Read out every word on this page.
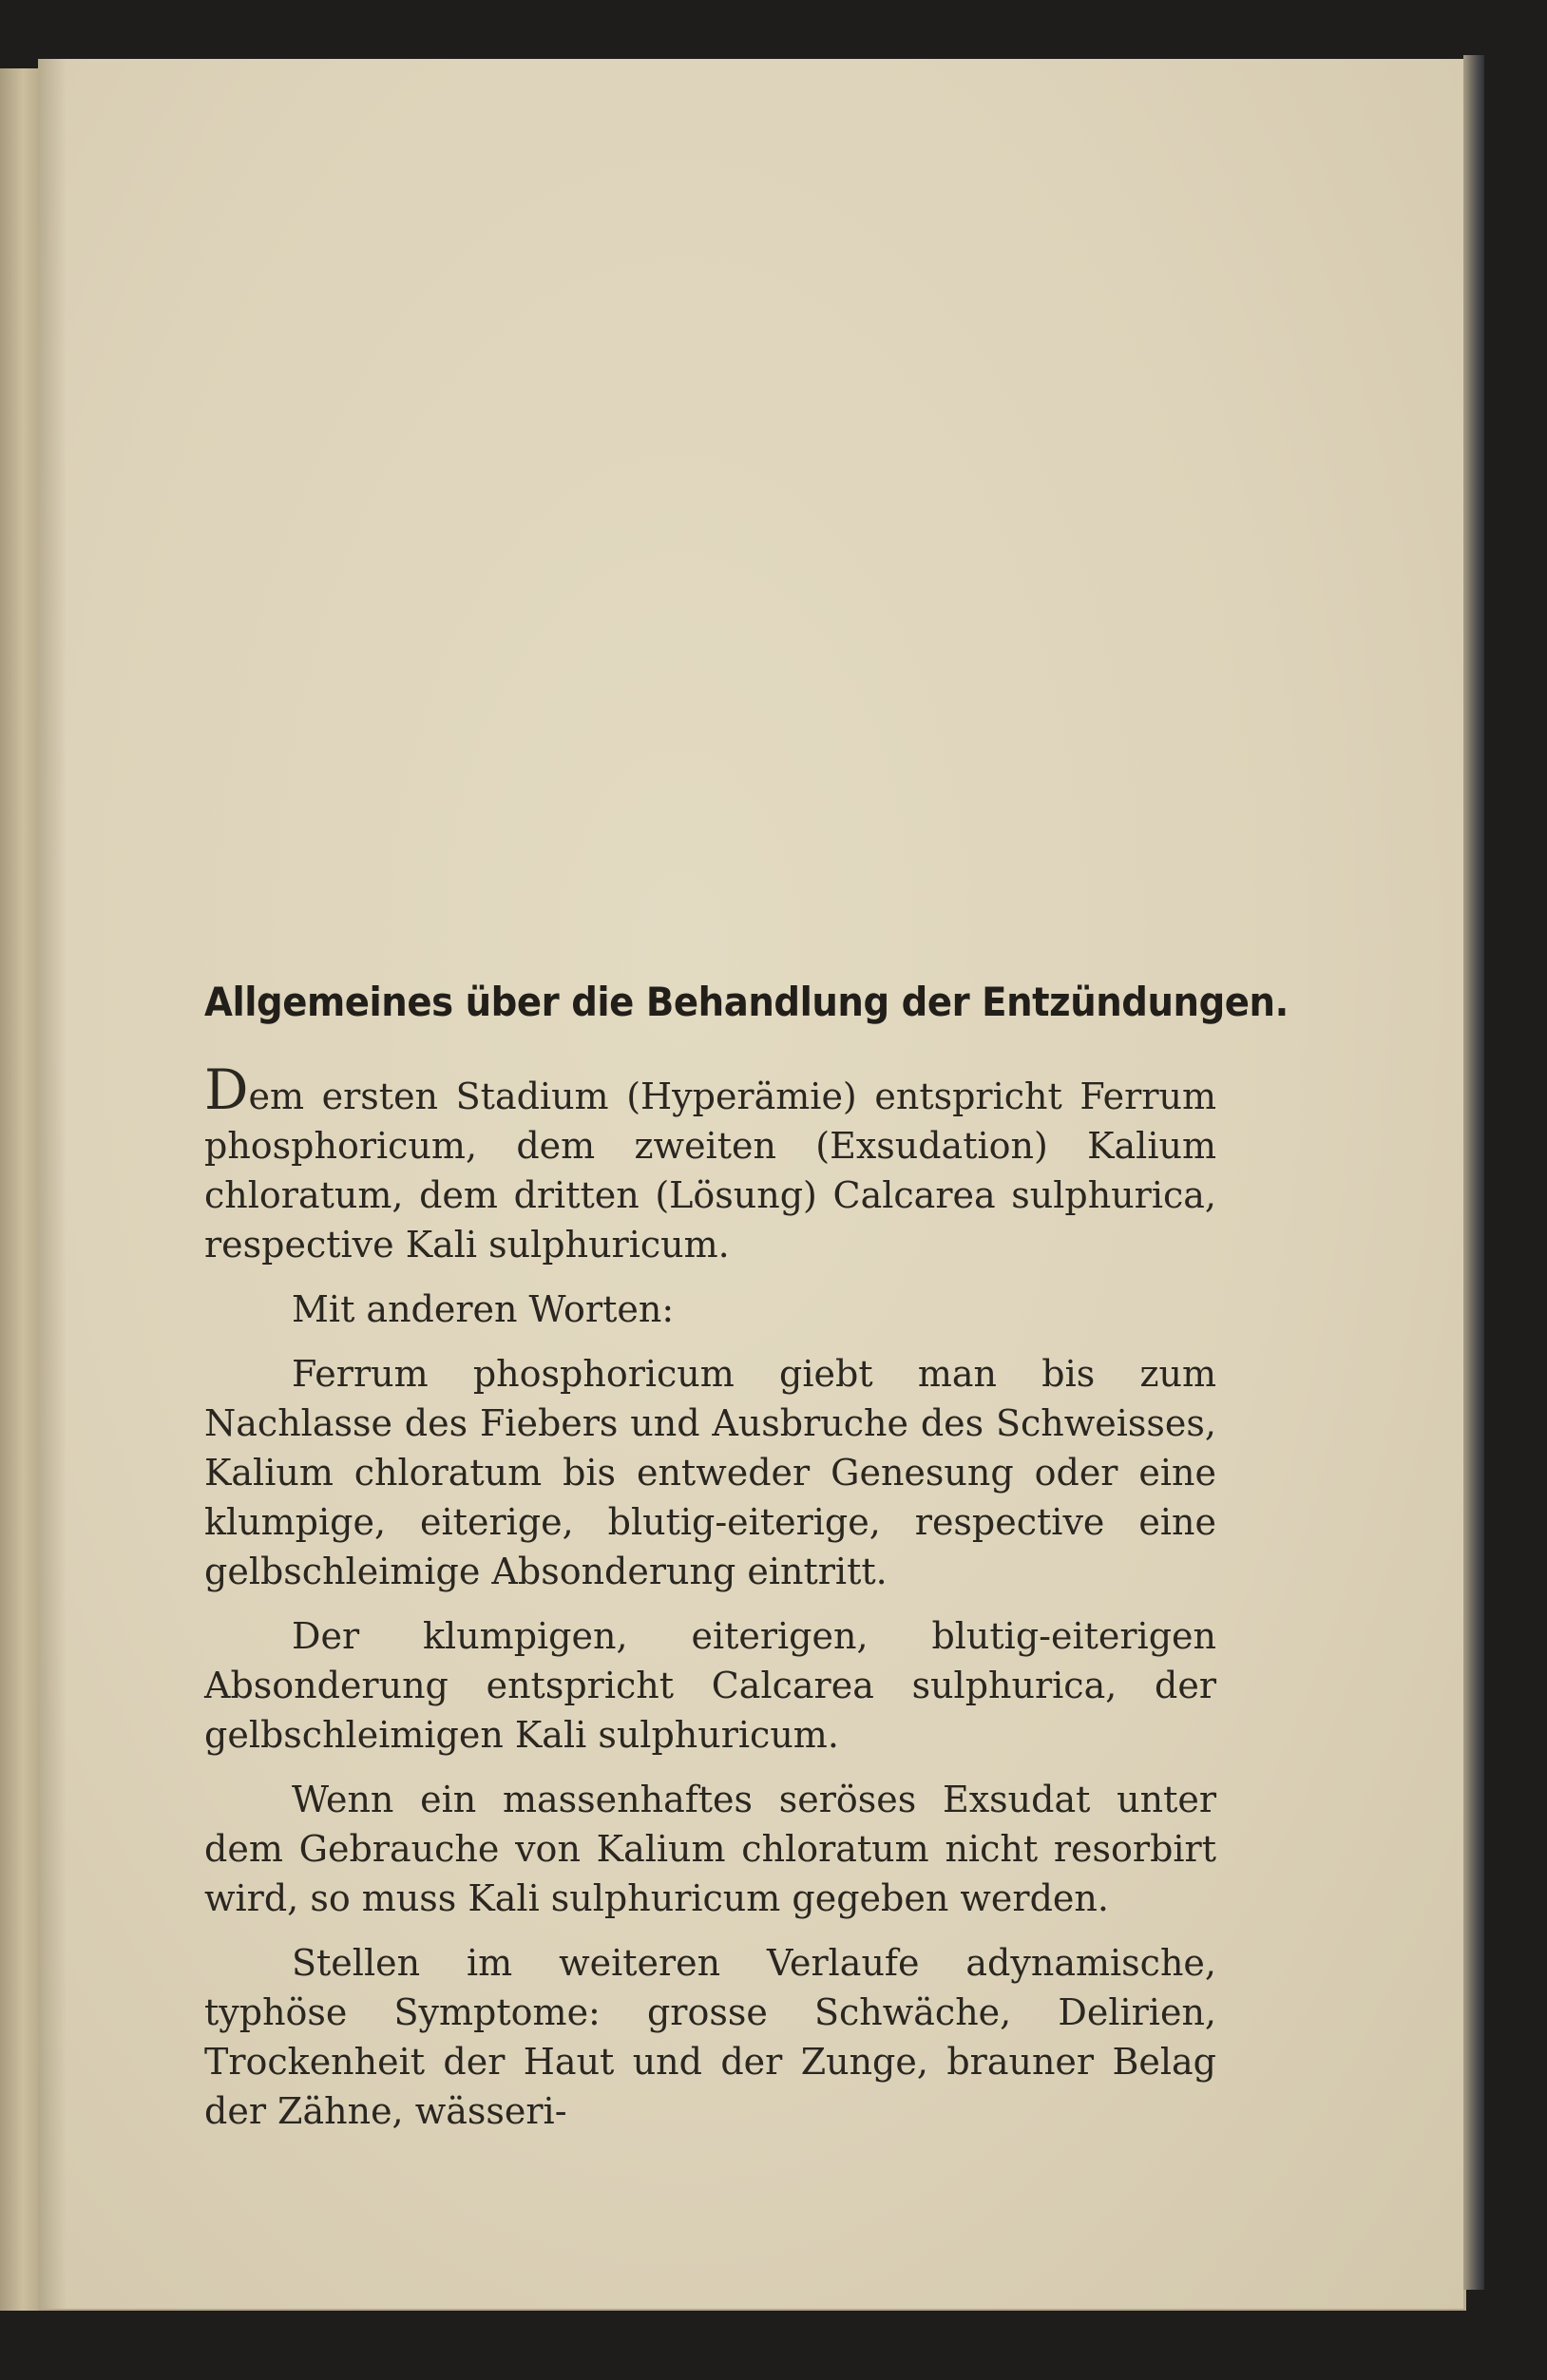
Allgemeines über die Behandlung der Entzündungen.

Dem ersten Stadium (Hyperämie) entspricht Ferrum phosphoricum, dem zweiten (Exsudation) Kalium chloratum, dem dritten (Lösung) Calcarea sulphurica, respective Kali sulphuricum.

Mit anderen Worten:

Ferrum phosphoricum giebt man bis zum Nachlasse des Fiebers und Ausbruche des Schweisses, Kalium chloratum bis entweder Genesung oder eine klumpige, eiterige, blutig-eiterige, respective eine gelbschleimige Absonderung eintritt.

Der klumpigen, eiterigen, blutig-eiterigen Absonderung entspricht Calcarea sulphurica, der gelbschleimigen Kali sulphuricum.

Wenn ein massenhaftes seröses Exsudat unter dem Gebrauche von Kalium chloratum nicht resorbirt wird, so muss Kali sulphuricum gegeben werden.

Stellen im weiteren Verlaufe adynamische, typhöse Symptome: grosse Schwäche, Delirien, Trockenheit der Haut und der Zunge, brauner Belag der Zähne, wässeri-
